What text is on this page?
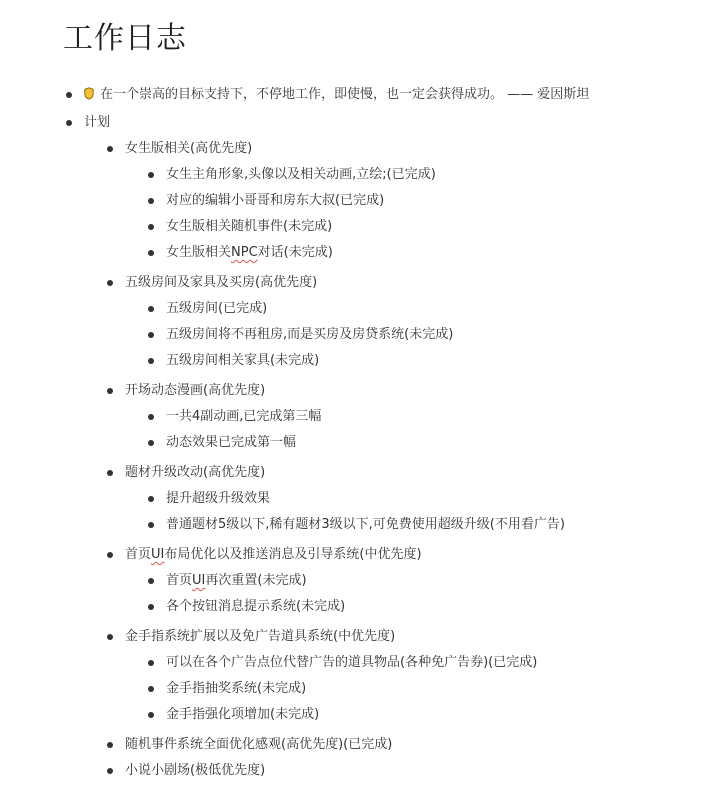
工作日志
在一个崇高的目标支持下，不停地工作，即使慢，也一定会获得成功。 —— 爱因斯坦
计划
女生版相关(高优先度)
女生主角形象,头像以及相关动画,立绘;(已完成)
对应的编辑小哥哥和房东大叔(已完成)
女生版相关随机事件(未完成)
女生版相关NPC对话(未完成)
五级房间及家具及买房(高优先度)
五级房间(已完成)
五级房间将不再租房,而是买房及房贷系统(未完成)
五级房间相关家具(未完成)
开场动态漫画(高优先度)
一共4副动画,已完成第三幅
动态效果已完成第一幅
题材升级改动(高优先度)
提升超级升级效果
普通题材5级以下,稀有题材3级以下,可免费使用超级升级(不用看广告)
首页UI布局优化以及推送消息及引导系统(中优先度)
首页UI再次重置(未完成)
各个按钮消息提示系统(未完成)
金手指系统扩展以及免广告道具系统(中优先度)
可以在各个广告点位代替广告的道具物品(各种免广告券)(已完成)
金手指抽奖系统(未完成)
金手指强化项增加(未完成)
随机事件系统全面优化感观(高优先度)(已完成)
小说小剧场(极低优先度)
